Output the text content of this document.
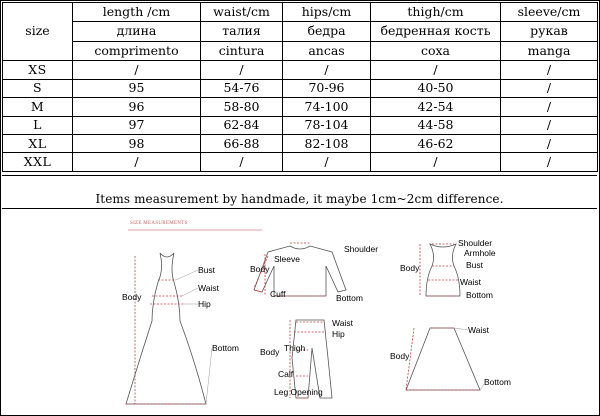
size	length /cm	waist/cm	hips/cm	thigh/cm	sleeve/cm
	длина	талия	бедра	бедренная кость	рукав
	comprimento	cintura	ancas	coxa	manga
XS	/	/	/	/	/
S	95	54-76	70-96	40-50	/
M	96	58-80	74-100	42-54	/
L	97	62-84	78-104	44-58	/
XL	98	66-88	82-108	46-62	/
XXL	/	/	/	/	/
Items measurement by handmade, it maybe 1cm~2cm difference.
SIZE MEASUREMENTS
Bust
Waist
Hip
Body
Bottom
Shoulder
Sleeve
Body
Cuff	Bottom
Shoulder
Armhole
Body	Bust
Waist
Bottom
Waist
Hip
Thigh
Body
Calf
Leg Opening
Waist
Body
Bottom
